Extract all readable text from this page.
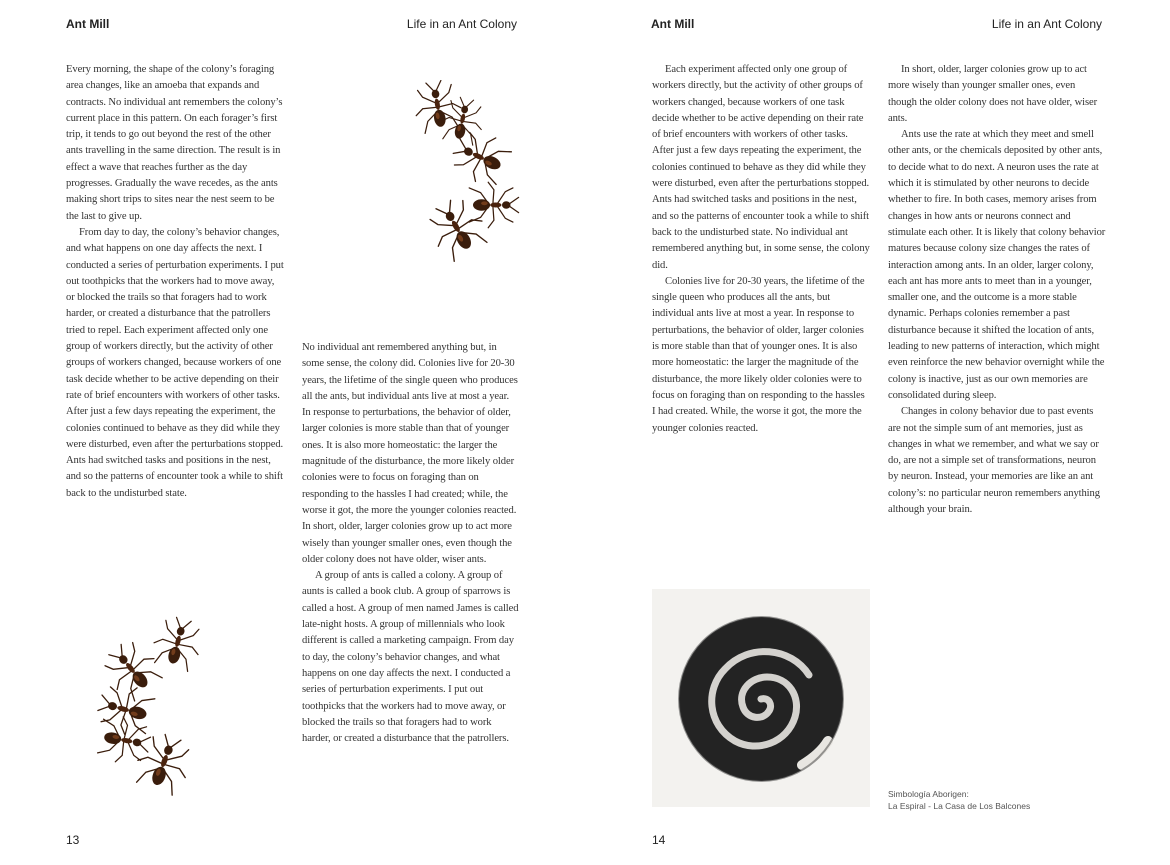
Ant Mill	Life in an Ant Colony

Every morning, the shape of the colony’s foraging area changes, like an amoeba that expands and contracts. No individual ant remembers the colony’s current place in this pattern. On each forager’s first trip, it tends to go out beyond the rest of the other ants travelling in the same direction. The result is in effect a wave that reaches further as the day progresses. Gradually the wave recedes, as the ants making short trips to sites near the nest seem to be the last to give up.

From day to day, the colony’s behavior changes, and what happens on one day affects the next. I conducted a series of perturbation experiments. I put out toothpicks that the workers had to move away, or blocked the trails so that foragers had to work harder, or created a disturbance that the patrollers tried to repel. Each experiment affected only one group of workers directly, but the activity of other groups of workers changed, because workers of one task decide whether to be active depending on their rate of brief encounters with workers of other tasks. After just a few days repeating the experiment, the colonies continued to behave as they did while they were disturbed, even after the perturbations stopped. Ants had switched tasks and positions in the nest, and so the patterns of encounter took a while to shift back to the undisturbed state.

No individual ant remembered anything but, in some sense, the colony did. Colonies live for 20-30 years, the lifetime of the single queen who produces all the ants, but individual ants live at most a year. In response to perturbations, the behavior of older, larger colonies is more stable than that of younger ones. It is also more homeostatic: the larger the magnitude of the disturbance, the more likely older colonies were to focus on foraging than on responding to the hassles I had created; while, the worse it got, the more the younger colonies reacted. In short, older, larger colonies grow up to act more wisely than younger smaller ones, even though the older colony does not have older, wiser ants.

A group of ants is called a colony. A group of aunts is called a book club. A group of sparrows is called a host. A group of men named James is called late-night hosts. A group of millennials who look different is called a marketing campaign. From day to day, the colony’s behavior changes, and what happens on one day affects the next. I conducted a series of perturbation experiments. I put out toothpicks that the workers had to move away, or blocked the trails so that foragers had to work harder, or created a disturbance that the patrollers.

13
Ant Mill	Life in an Ant Colony

Each experiment affected only one group of workers directly, but the activity of other groups of workers changed, because workers of one task decide whether to be active depending on their rate of brief encounters with workers of other tasks. After just a few days repeating the experiment, the colonies continued to behave as they did while they were disturbed, even after the perturbations stopped. Ants had switched tasks and positions in the nest, and so the patterns of encounter took a while to shift back to the undisturbed state. No individual ant remembered anything but, in some sense, the colony did.

Colonies live for 20-30 years, the lifetime of the single queen who produces all the ants, but individual ants live at most a year. In response to perturbations, the behavior of older, larger colonies is more stable than that of younger ones. It is also more homeostatic: the larger the magnitude of the disturbance, the more likely older colonies were to focus on foraging than on responding to the hassles I had created. While, the worse it got, the more the younger colonies reacted.

In short, older, larger colonies grow up to act more wisely than younger smaller ones, even though the older colony does not have older, wiser ants.

Ants use the rate at which they meet and smell other ants, or the chemicals deposited by other ants, to decide what to do next. A neuron uses the rate at which it is stimulated by other neurons to decide whether to fire. In both cases, memory arises from changes in how ants or neurons connect and stimulate each other. It is likely that colony behavior matures because colony size changes the rates of interaction among ants. In an older, larger colony, each ant has more ants to meet than in a younger, smaller one, and the outcome is a more stable dynamic. Perhaps colonies remember a past disturbance because it shifted the location of ants, leading to new patterns of interaction, which might even reinforce the new behavior overnight while the colony is inactive, just as our own memories are consolidated during sleep.

Changes in colony behavior due to past events are not the simple sum of ant memories, just as changes in what we remember, and what we say or do, are not a simple set of transformations, neuron by neuron. Instead, your memories are like an ant colony’s: no particular neuron remembers anything although your brain.

Simbología Aborigen:
La Espiral - La Casa de Los Balcones
14
